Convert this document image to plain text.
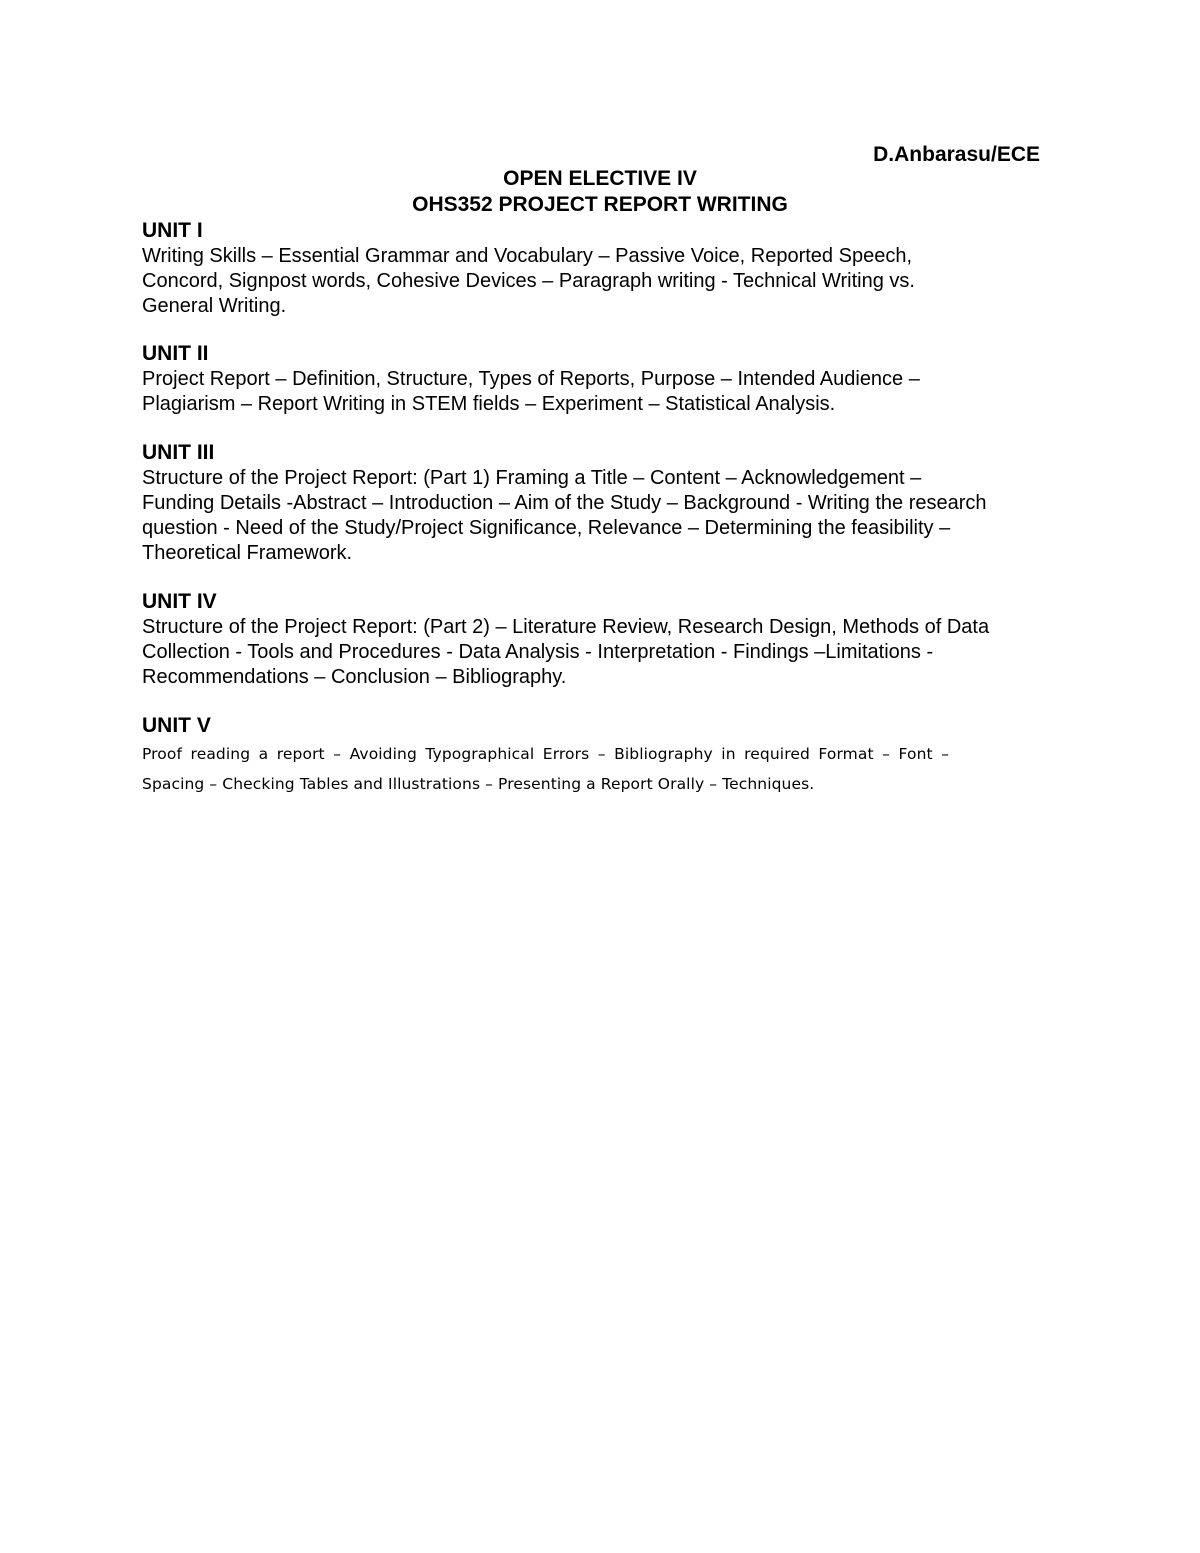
D.Anbarasu/ECE
OPEN ELECTIVE IV
OHS352 PROJECT REPORT WRITING
UNIT I
Writing Skills – Essential Grammar and Vocabulary – Passive Voice, Reported Speech,
Concord, Signpost words, Cohesive Devices – Paragraph writing - Technical Writing vs.
General Writing.
UNIT II
Project Report – Definition, Structure, Types of Reports, Purpose – Intended Audience –
Plagiarism – Report Writing in STEM fields – Experiment – Statistical Analysis.
UNIT III
Structure of the Project Report: (Part 1) Framing a Title – Content – Acknowledgement –
Funding Details -Abstract – Introduction – Aim of the Study – Background - Writing the research
question - Need of the Study/Project Significance, Relevance – Determining the feasibility –
Theoretical Framework.
UNIT IV
Structure of the Project Report: (Part 2) – Literature Review, Research Design, Methods of Data
Collection - Tools and Procedures - Data Analysis - Interpretation - Findings –Limitations -
Recommendations – Conclusion – Bibliography.
UNIT V
Proof reading a report – Avoiding Typographical Errors – Bibliography in required Format – Font –
Spacing – Checking Tables and Illustrations – Presenting a Report Orally – Techniques.
